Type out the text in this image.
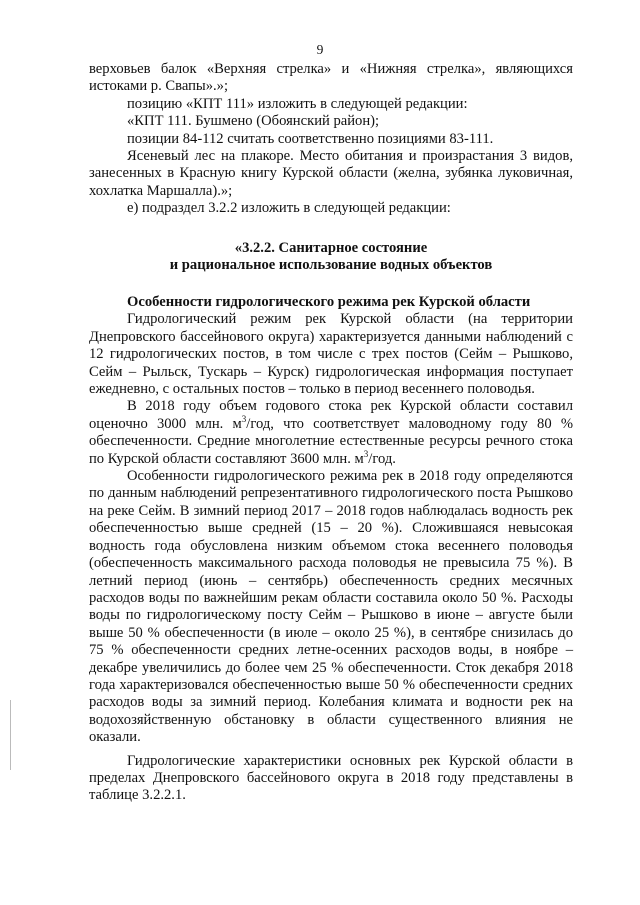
9

верховьев балок «Верхняя стрелка» и «Нижняя стрелка», являющихся истоками р. Свапы».»;

позицию «КПТ 111» изложить в следующей редакции:

«КПТ 111. Бушмено (Обоянский район);

позиции 84-112 считать соответственно позициями 83-111.

Ясеневый лес на плакоре. Место обитания и произрастания 3 видов, занесенных в Красную книгу Курской области (желна, зубянка луковичная, хохлатка Маршалла).»;

е) подраздел 3.2.2 изложить в следующей редакции:

«3.2.2. Санитарное состояние

и рациональное использование водных объектов

Особенности гидрологического режима рек Курской области

Гидрологический режим рек Курской области (на территории Днепровского бассейнового округа) характеризуется данными наблюдений с 12 гидрологических постов, в том числе с трех постов (Сейм – Рышково, Сейм – Рыльск, Тускарь – Курск) гидрологическая информация поступает ежедневно, с остальных постов – только в период весеннего половодья.

В 2018 году объем годового стока рек Курской области составил оценочно 3000 млн. $м^3$/год, что соответствует маловодному году 80 % обеспеченности. Средние многолетние естественные ресурсы речного стока по Курской области составляют 3600 млн. $м^3$/год.

Особенности гидрологического режима рек в 2018 году определяются по данным наблюдений репрезентативного гидрологического поста Рышково на реке Сейм. В зимний период 2017 – 2018 годов наблюдалась водность рек обеспеченностью выше средней (15 – 20 %). Сложившаяся невысокая водность года обусловлена низким объемом стока весеннего половодья (обеспеченность максимального расхода половодья не превысила 75 %). В летний период (июнь – сентябрь) обеспеченность средних месячных расходов воды по важнейшим рекам области составила около 50 %. Расходы воды по гидрологическому посту Сейм – Рышково в июне – августе были выше 50 % обеспеченности (в июле – около 25 %), в сентябре снизилась до 75 % обеспеченности средних летне-осенних расходов воды, в ноябре – декабре увеличились до более чем 25 % обеспеченности. Сток декабря 2018 года характеризовался обеспеченностью выше 50 % обеспеченности средних расходов воды за зимний период. Колебания климата и водности рек на водохозяйственную обстановку в области существенного влияния не оказали.

Гидрологические характеристики основных рек Курской области в пределах Днепровского бассейнового округа в 2018 году представлены в таблице 3.2.2.1.
